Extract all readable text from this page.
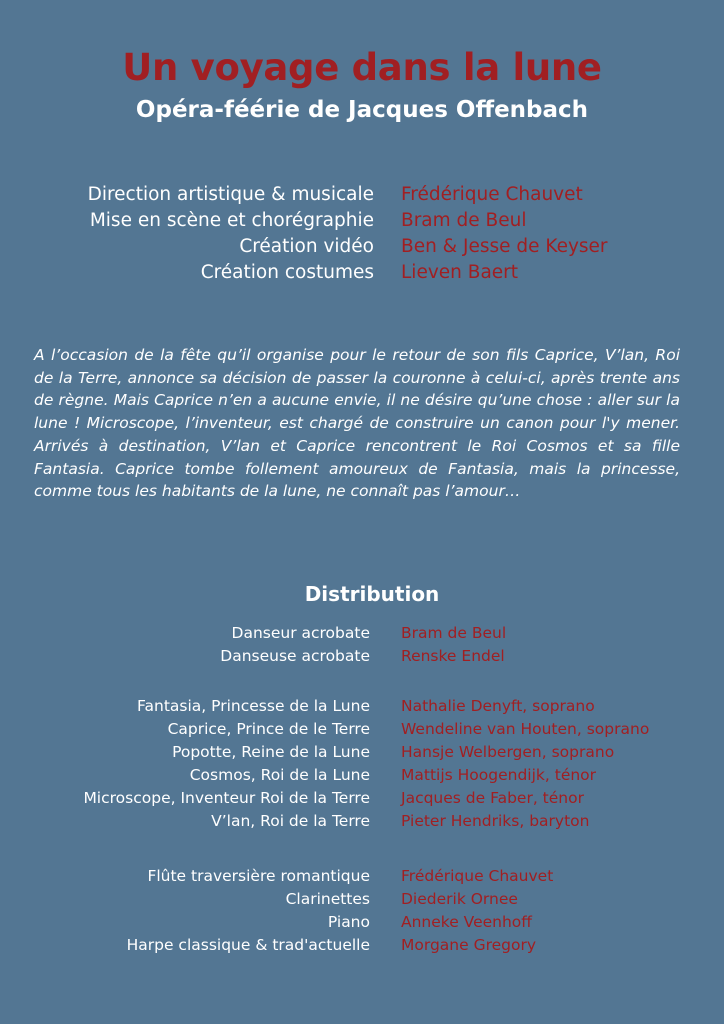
Un voyage dans la lune
Opéra-féérie de Jacques Offenbach
Direction artistique & musicale Frédérique Chauvet
Mise en scène et chorégraphie Bram de Beul
Création vidéo Ben & Jesse de Keyser
Création costumes Lieven Baert
A l’occasion de la fête qu’il organise pour le retour de son fils Caprice, V’lan, Roi de la Terre, annonce sa décision de passer la couronne à celui-ci, après trente ans de règne. Mais Caprice n’en a aucune envie, il ne désire qu’une chose : aller sur la lune ! Microscope, l’inventeur, est chargé de construire un canon pour l'y mener. Arrivés à destination, V’lan et Caprice rencontrent le Roi Cosmos et sa fille Fantasia. Caprice tombe follement amoureux de Fantasia, mais la princesse, comme tous les habitants de la lune, ne connaît pas l’amour…
Distribution
Danseur acrobate Bram de Beul
Danseuse acrobate Renske Endel
Fantasia, Princesse de la Lune Nathalie Denyft, soprano
Caprice, Prince de le Terre Wendeline van Houten, soprano
Popotte, Reine de la Lune Hansje Welbergen, soprano
Cosmos, Roi de la Lune Mattijs Hoogendijk, ténor
Microscope, Inventeur Roi de la Terre Jacques de Faber, ténor
V’lan, Roi de la Terre Pieter Hendriks, baryton
Flûte traversière romantique Frédérique Chauvet
Clarinettes Diederik Ornee
Piano Anneke Veenhoff
Harpe classique & trad'actuelle Morgane Gregory
